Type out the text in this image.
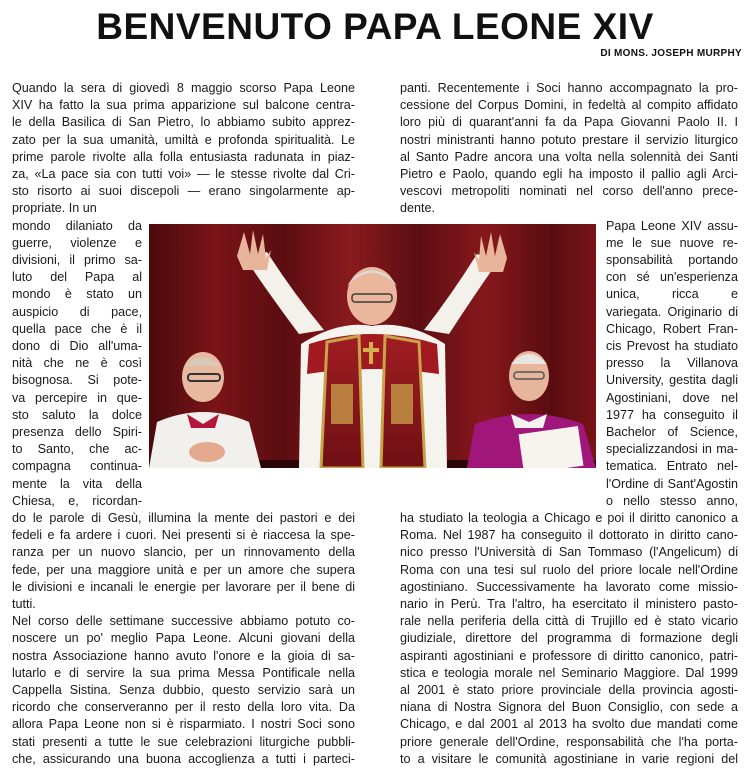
BENVENUTO PAPA LEONE XIV
DI MONS. JOSEPH MURPHY
Quando la sera di giovedì 8 maggio scorso Papa Leone
XIV ha fatto la sua prima apparizione sul balcone centra-
le della Basilica di San Pietro, lo abbiamo subito apprez-
zato per la sua umanità, umiltà e profonda spiritualità. Le
prime parole rivolte alla folla entusiasta radunata in piaz-
za, «La pace sia con tutti voi» — le stesse rivolte dal Cri-
sto risorto ai suoi discepoli — erano singolarmente ap-
propriate. In un
mondo dilaniato da
guerre, violenze e
divisioni, il primo sa-
luto del Papa al
mondo è stato un
auspicio di pace,
quella pace che è il
dono di Dio all'uma-
nità che ne è così
bisognosa. Si pote-
va percepire in que-
sto saluto la dolce
presenza dello Spiri-
to Santo, che ac-
compagna continua-
mente la vita della
Chiesa, e, ricordan-
do le parole di Gesù, illumina la mente dei pastori e dei
fedeli e fa ardere i cuori. Nei presenti si è riaccesa la spe-
ranza per un nuovo slancio, per un rinnovamento della
fede, per una maggiore unità e per un amore che supera
le divisioni e incanali le energie per lavorare per il bene di
tutti.
Nel corso delle settimane successive abbiamo potuto co-
noscere un po' meglio Papa Leone. Alcuni giovani della
nostra Associazione hanno avuto l'onore e la gioia di sa-
lutarlo e di servire la sua prima Messa Pontificale nella
Cappella Sistina. Senza dubbio, questo servizio sarà un
ricordo che conserveranno per il resto della loro vita. Da
allora Papa Leone non si è risparmiato. I nostri Soci sono
stati presenti a tutte le sue celebrazioni liturgiche pubbli-
che, assicurando una buona accoglienza a tutti i parteci-
panti. Recentemente i Soci hanno accompagnato la pro-
cessione del Corpus Domini, in fedeltà al compito affidato
loro più di quarant'anni fa da Papa Giovanni Paolo II. I
nostri ministranti hanno potuto prestare il servizio liturgico
al Santo Padre ancora una volta nella solennità dei Santi
Pietro e Paolo, quando egli ha imposto il pallio agli Arci-
vescovi metropoliti nominati nel corso dell'anno prece-
dente.
Papa Leone XIV assu-
me le sue nuove re-
sponsabilità portando
con sé un'esperienza
unica, ricca e
variegata. Originario di
Chicago, Robert Fran-
cis Prevost ha studiato
presso la Villanova
University, gestita dagli
Agostiniani, dove nel
1977 ha conseguito il
Bachelor of Science,
specializzandosi in ma-
tematica. Entrato nel-
l'Ordine di Sant'Agostin
o nello stesso anno,
ha studiato la teologia a Chicago e poi il diritto canonico a
Roma. Nel 1987 ha conseguito il dottorato in diritto cano-
nico presso l'Università di San Tommaso (l'Angelicum) di
Roma con una tesi sul ruolo del priore locale nell'Ordine
agostiniano. Successivamente ha lavorato come missio-
nario in Perù. Tra l'altro, ha esercitato il ministero pasto-
rale nella periferia della città di Trujillo ed è stato vicario
giudiziale, direttore del programma di formazione degli
aspiranti agostiniani e professore di diritto canonico, patri-
stica e teologia morale nel Seminario Maggiore. Dal 1999
al 2001 è stato priore provinciale della provincia agosti-
niana di Nostra Signora del Buon Consiglio, con sede a
Chicago, e dal 2001 al 2013 ha svolto due mandati come
priore generale dell'Ordine, responsabilità che l'ha porta-
to a visitare le comunità agostiniane in varie regioni del
